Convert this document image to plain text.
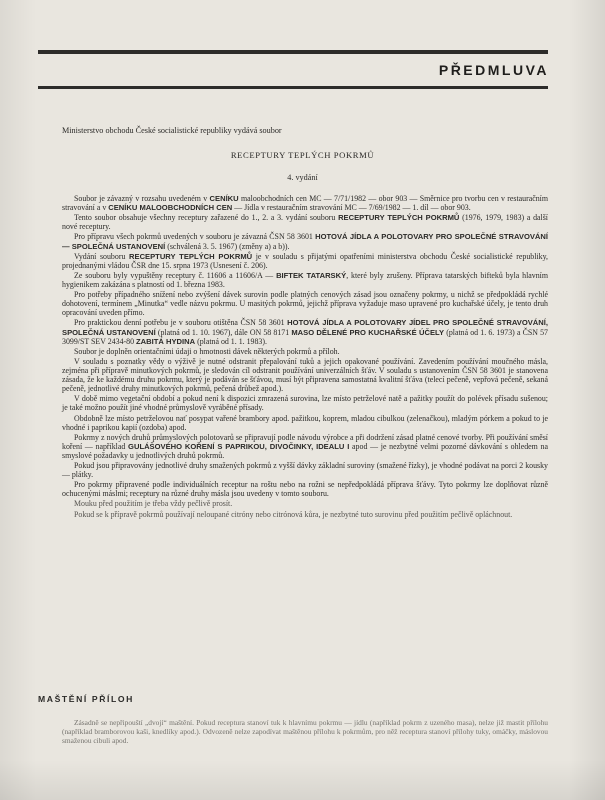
PŘEDMLUVA
Ministerstvo obchodu České socialistické republiky vydává soubor
RECEPTURY TEPLÝCH POKRMŮ
4. vydání

Soubor je závazný v rozsahu uvedeném v CENÍKU maloobchodních cen MC — 7/71/1982 — obor 903 — Směrnice pro tvorbu cen v restauračním stravování a v CENÍKU MALOOBCHODNÍCH CEN — Jídla v restauračním stravování MC — 7/69/1982 — 1. díl — obor 903.

Tento soubor obsahuje všechny receptury zařazené do 1., 2. a 3. vydání souboru RECEPTURY TEPLÝCH POKRMŮ (1976, 1979, 1983) a další nové receptury.

Pro přípravu všech pokrmů uvedených v souboru je závazná ČSN 58 3601 HOTOVÁ JÍDLA A POLOTOVARY PRO SPOLEČNÉ STRAVOVÁNÍ — SPOLEČNÁ USTANOVENÍ (schválená 3. 5. 1967) (změny a) a b)).

Vydání souboru RECEPTURY TEPLÝCH POKRMŮ je v souladu s přijatými opatřeními ministerstva obchodu České socialistické republiky, projednanými vládou ČSR dne 15. srpna 1973 (Usnesení č. 206).

Ze souboru byly vypuštěny receptury č. 11606 a 11606/A — BIFTEK TATARSKÝ, které byly zrušeny. Příprava tatarských bifteků byla hlavním hygienikem zakázána s platností od 1. března 1983.

Pro potřeby případného snížení nebo zvýšení dávek surovin podle platných cenových zásad jsou označeny pokrmy, u nichž se předpokládá rychlé dohotovení, termínem „Minutka“ vedle názvu pokrmu. U masitých pokrmů, jejichž příprava vyžaduje maso upravené pro kuchařské účely, je tento druh opracování uveden přímo.

Pro praktickou denní potřebu je v souboru otištěna ČSN 58 3601 HOTOVÁ JÍDLA A POLOTOVARY JÍDEL PRO SPOLEČNÉ STRAVOVÁNÍ, SPOLEČNÁ USTANOVENÍ (platná od 1. 10. 1967), dále ON 58 8171 MASO DĚLENÉ PRO KUCHAŘSKÉ ÚČELY (platná od 1. 6. 1973) a ČSN 57 3099/ST SEV 2434-80 ZABITÁ HYDINA (platná od 1. 1. 1983).

Soubor je doplněn orientačními údaji o hmotnosti dávek některých pokrmů a příloh.

V souladu s poznatky vědy o výživě je nutné odstranit přepalování tuků a jejich opakované používání. Zavedením používání moučného másla, zejména při přípravě minutkových pokrmů, je sledován cíl odstranit používání univerzálních šťáv. V souladu s ustanovením ČSN 58 3601 je stanovena zásada, že ke každému druhu pokrmu, který je podáván se šťávou, musí být připravena samostatná kvalitní šťáva (telecí pečeně, vepřová pečeně, sekaná pečeně, jednotlivé druhy minutkových pokrmů, pečená drůbež apod.).

V době mimo vegetační období a pokud není k dispozici zmrazená surovina, lze místo petrželové natě a pažitky použít do polévek přísadu sušenou; je také možno použít jiné vhodné průmyslově vyráběné přísady.

Obdobně lze místo petrželovou nať posypat vařené brambory apod. pažitkou, koprem, mladou cibulkou (zelenačkou), mladým pórkem a pokud to je vhodné i paprikou kapií (ozdoba) apod.

Pokrmy z nových druhů průmyslových polotovarů se připravují podle návodu výrobce a při dodržení zásad platné cenové tvorby. Při používání směsí koření — například GULÁŠOVÉHO KOŘENÍ S PAPRIKOU, DIVOČINKY, IDEALU I apod — je nezbytné velmi pozorné dávkování s ohledem na smyslové požadavky u jednotlivých druhů pokrmů.

Pokud jsou připravovány jednotlivé druhy smažených pokrmů z vyšší dávky základní suroviny (smažené řízky), je vhodné podávat na porci 2 kousky — plátky.

Pro pokrmy připravené podle individuálních receptur na roštu nebo na rožni se nepředpokládá příprava šťávy. Tyto pokrmy lze doplňovat různě ochucenými máslmi; receptury na různé druhy másla jsou uvedeny v tomto souboru.

Mouku před použitím je třeba vždy pečlivě prosít.

Pokud se k přípravě pokrmů používají neloupané citróny nebo citrónová kůra, je nezbytné tuto surovinu před použitím pečlivě opláchnout.

MAŠTĚNÍ PŘÍLOH

Zásadně se nepřipouští „dvojí“ maštění. Pokud receptura stanoví tuk k hlavnímu pokrmu — jídlu (například pokrm z uzeného masa), nelze již mastit přílohu (například bramborovou kaši, knedlíky apod.). Odvozeně nelze zapodívat maštěnou přílohu k pokrmům, pro něž receptura stanoví přílohy tuky, omáčky, máslovou smaženou cibuli apod.
